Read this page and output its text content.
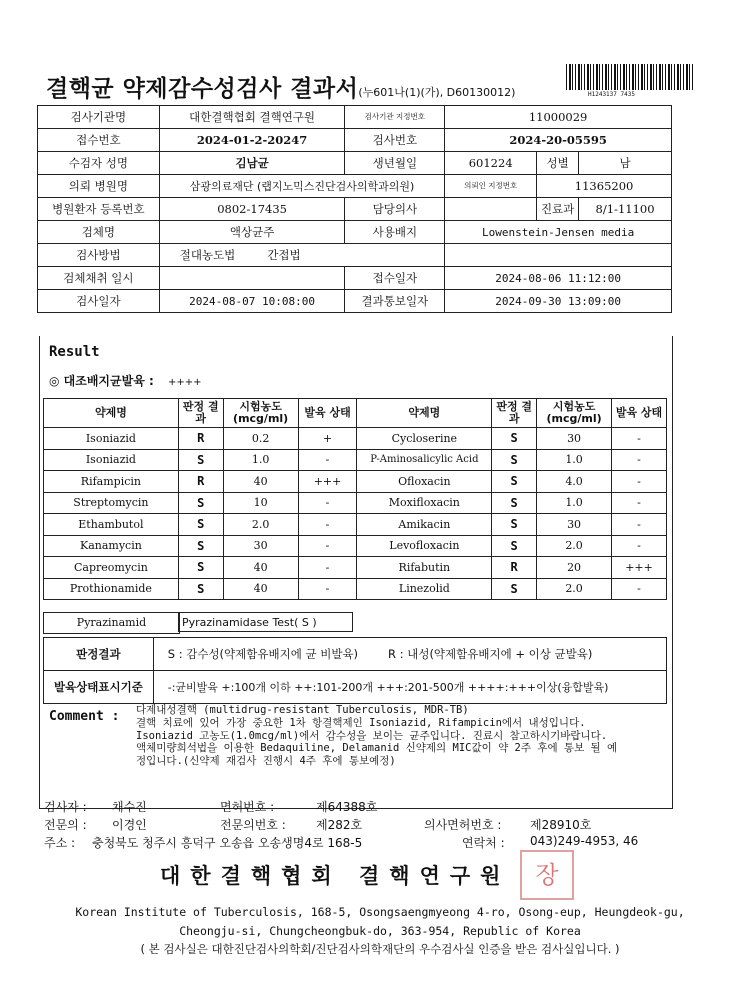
결핵균 약제감수성검사 결과서(누601나(1)(가), D60130012)	H1243137 7435
검사기관명	대한결핵협회 결핵연구원	검사기관 지정번호	11000029		
접수번호	2024-01-2-20247	검사번호	2024-20-05595		
수검자 성명	김남균	생년월일	601224	성별	남
의뢰 병원명	삼광의료재단 (랩지노믹스진단검사의학과의원)		의뢰인 지정번호	11365200	
병원환자 등록번호	0802-17435	담당의사		진료과	8/1-11100
검체명	액상균주	사용배지	Lowenstein-Jensen media		
검사방법	절대농도법 간접법				
검체채취 일시		접수일자	2024-08-06 11:12:00		
검사일자	2024-08-07 10:08:00	결과통보일자	2024-09-30 13:09:00		
Result
◎ 대조배지균발육 : ++++
약제명	판정 결과	시험농도 (mcg/ml)	발육 상태	약제명	판정 결과	시험농도 (mcg/ml)	발육 상태
Isoniazid	R	0.2	+	Cycloserine	S	30	-
Isoniazid	S	1.0	-	P-Aminosalicylic Acid	S	1.0	-
Rifampicin	R	40	+++	Ofloxacin	S	4.0	-
Streptomycin	S	10	-	Moxifloxacin	S	1.0	-
Ethambutol	S	2.0	-	Amikacin	S	30	-
Kanamycin	S	30	-	Levofloxacin	S	2.0	-
Capreomycin	S	40	-	Rifabutin	R	20	+++
Prothionamide	S	40	-	Linezolid	S	2.0	-
Pyrazinamid	Pyrazinamidase Test( S )
판정결과	S : 감수성(약제함유배지에 균 비발육) R : 내성(약제함유배지에 + 이상 균발육)
발육상태표시기준	-:균비발육 +:100개 이하 ++:101-200개 +++:201-500개 ++++:+++이상(융합발육)
Comment : 다제내성결핵 (multidrug-resistant Tuberculosis, MDR-TB)
결핵 치료에 있어 가장 중요한 1차 항결핵제인 Isoniazid, Rifampicin에서 내성입니다.
Isoniazid 고농도(1.0mcg/ml)에서 감수성을 보이는 균주입니다. 진료시 참고하시기바랍니다.
액체미량희석법을 이용한 Bedaquiline, Delamanid 신약제의 MIC값이 약 2주 후에 통보 될 예
정입니다.(신약제 재검사 진행시 4주 후에 통보예정)
검사자 : 채수진	면허번호 :	제64388호
전문의 : 이경인	전문의번호 :	제282호	의사면허번호 : 제28910호
주소 : 충청북도 청주시 흥덕구 오송읍 오송생명4로 168-5	연락처 : 043)249-4953, 46
대한결핵협회 결핵연구원	장
Korean Institute of Tuberculosis, 168-5, Osongsaengmyeong 4-ro, Osong-eup, Heungdeok-gu,
Cheongju-si, Chungcheongbuk-do, 363-954, Republic of Korea
( 본 검사실은 대한진단검사의학회/진단검사의학재단의 우수검사실 인증을 받은 검사실입니다. )
